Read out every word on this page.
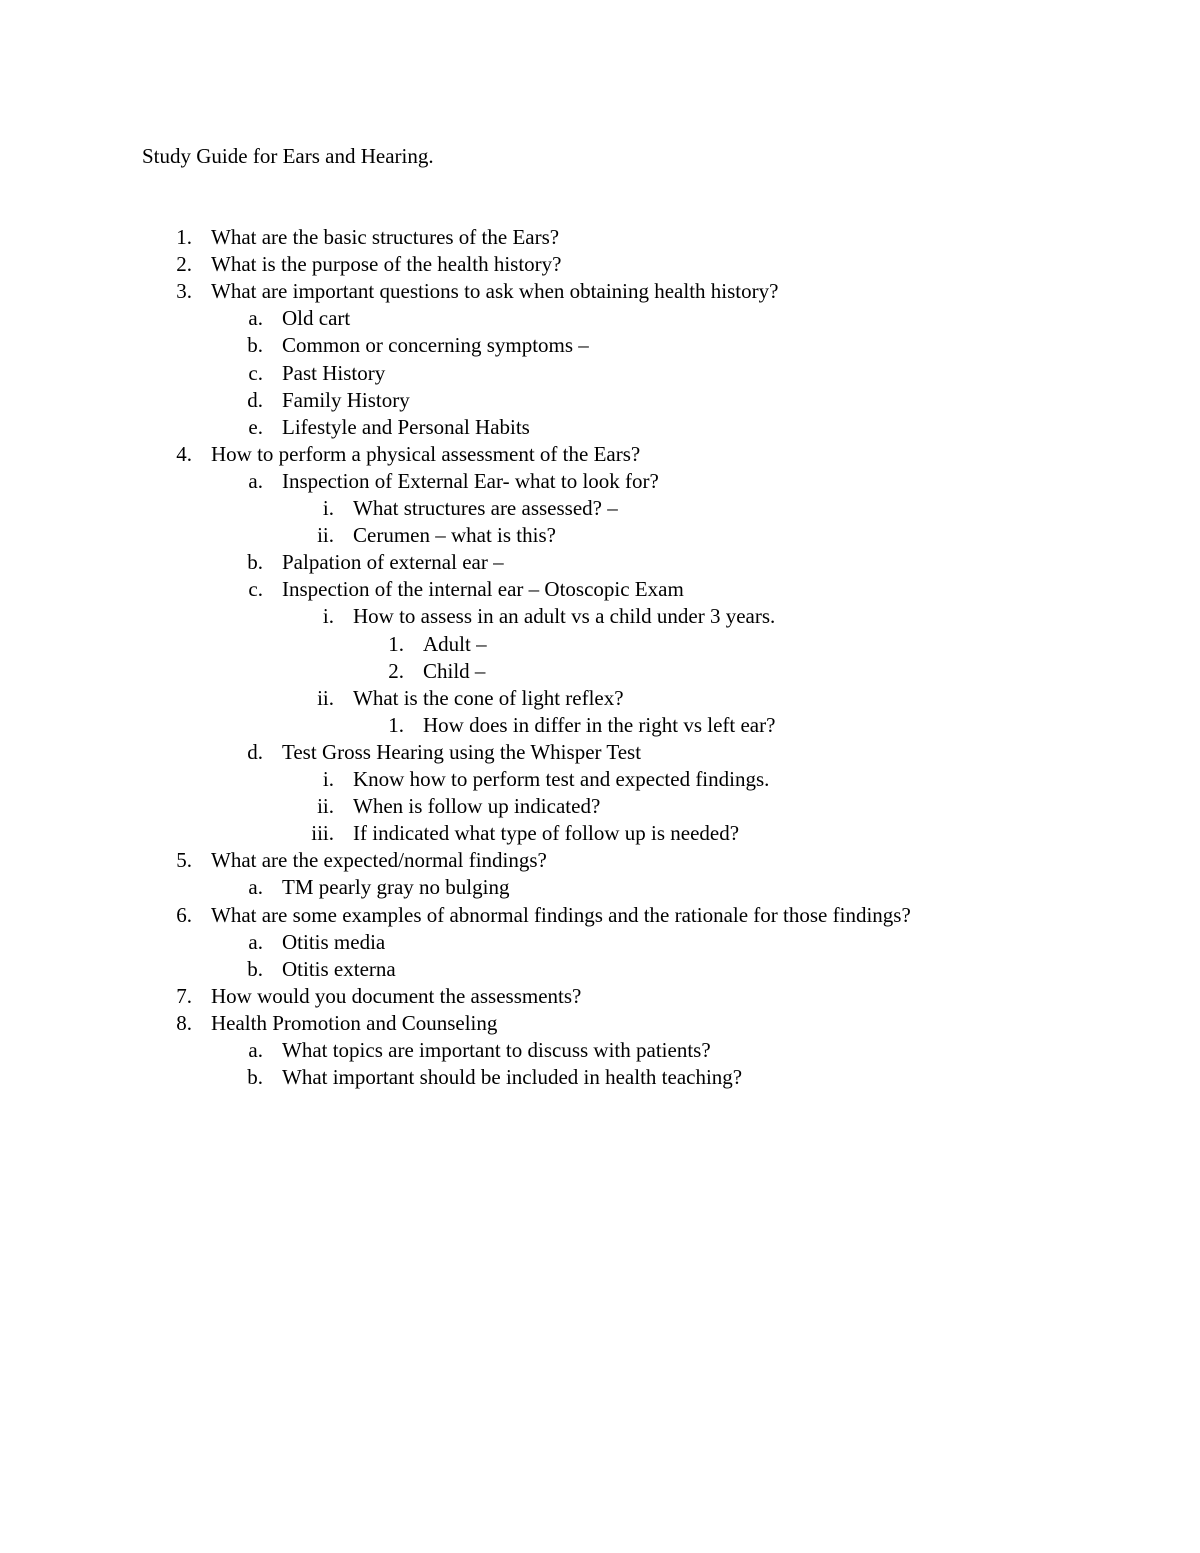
Study Guide for Ears and Hearing.
1. What are the basic structures of the Ears?
2. What is the purpose of the health history?
3. What are important questions to ask when obtaining health history?
a. Old cart
b. Common or concerning symptoms –
c. Past History
d. Family History
e. Lifestyle and Personal Habits
4. How to perform a physical assessment of the Ears?
a. Inspection of External Ear- what to look for?
i. What structures are assessed? –
ii. Cerumen – what is this?
b. Palpation of external ear –
c. Inspection of the internal ear – Otoscopic Exam
i. How to assess in an adult vs a child under 3 years.
1. Adult –
2. Child –
ii. What is the cone of light reflex?
1. How does in differ in the right vs left ear?
d. Test Gross Hearing using the Whisper Test
i. Know how to perform test and expected findings.
ii. When is follow up indicated?
iii. If indicated what type of follow up is needed?
5. What are the expected/normal findings?
a. TM pearly gray no bulging
6. What are some examples of abnormal findings and the rationale for those findings?
a. Otitis media
b. Otitis externa
7. How would you document the assessments?
8. Health Promotion and Counseling
a. What topics are important to discuss with patients?
b. What important should be included in health teaching?
